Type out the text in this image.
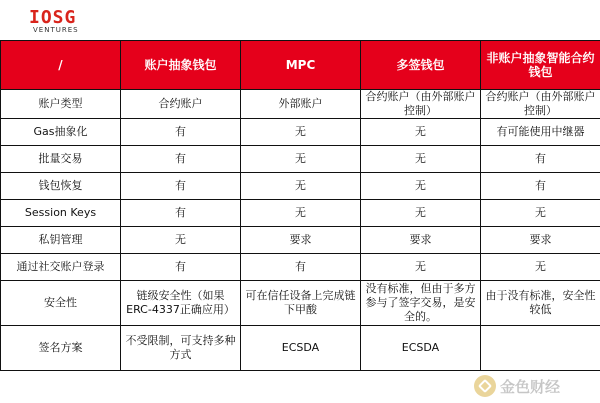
IOSG
VENTURES
/	账户抽象钱包	MPC	多签钱包	非账户抽象智能合约钱包
账户类型	合约账户	外部账户	合约账户（由外部账户控制）	合约账户（由外部账户控制）
Gas抽象化	有	无	无	有可能使用中继器
批量交易	有	无	无	有
钱包恢复	有	无	无	有
Session Keys	有	无	无	无
私钥管理	无	要求	要求	要求
通过社交账户登录	有	有	无	无
安全性	链级安全性（如果ERC-4337正确应用）	可在信任设备上完成链下甲酸	没有标准，但由于多方参与了签字交易，是安全的。	由于没有标准，安全性较低
签名方案	不受限制，可支持多种方式	ECSDA	ECSDA	
金色财经
